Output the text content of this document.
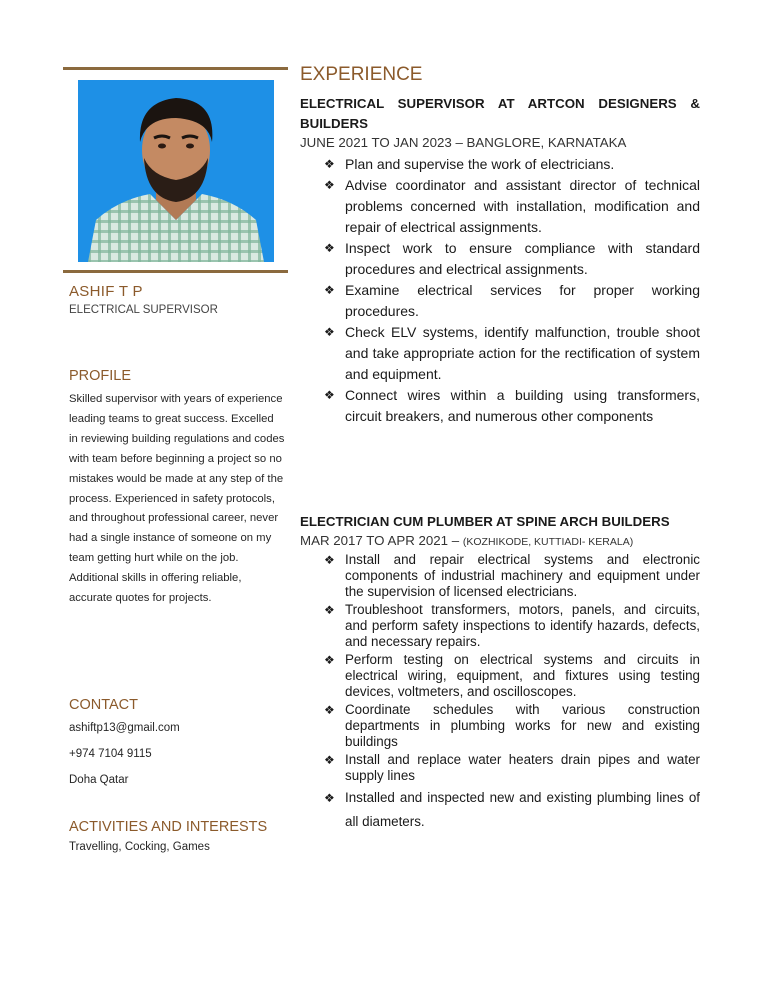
ASHIF T P
ELECTRICAL SUPERVISOR
PROFILE
Skilled supervisor with years of experience leading teams to great success. Excelled in reviewing building regulations and codes with team before beginning a project so no mistakes would be made at any step of the process. Experienced in safety protocols, and throughout professional career, never had a single instance of someone on my team getting hurt while on the job. Additional skills in offering reliable, accurate quotes for projects.
CONTACT
ashiftp13@gmail.com
+974 7104 9115
Doha Qatar
ACTIVITIES AND INTERESTS
Travelling, Cocking, Games
EXPERIENCE
ELECTRICAL SUPERVISOR AT ARTCON DESIGNERS & BUILDERS
JUNE 2021 TO JAN 2023 – BANGLORE, KARNATAKA
❖ Plan and supervise the work of electricians.
❖ Advise coordinator and assistant director of technical problems concerned with installation, modification and repair of electrical assignments.
❖ Inspect work to ensure compliance with standard procedures and electrical assignments.
❖ Examine electrical services for proper working procedures.
❖ Check ELV systems, identify malfunction, trouble shoot and take appropriate action for the rectification of system and equipment.
❖ Connect wires within a building using transformers, circuit breakers, and numerous other components
ELECTRICIAN CUM PLUMBER AT SPINE ARCH BUILDERS
MAR 2017 TO APR 2021 – (KOZHIKODE, KUTTIADI- KERALA)
❖ Install and repair electrical systems and electronic components of industrial machinery and equipment under the supervision of licensed electricians.
❖ Troubleshoot transformers, motors, panels, and circuits, and perform safety inspections to identify hazards, defects, and necessary repairs.
❖ Perform testing on electrical systems and circuits in electrical wiring, equipment, and fixtures using testing devices, voltmeters, and oscilloscopes.
❖ Coordinate schedules with various construction departments in plumbing works for new and existing buildings
❖ Install and replace water heaters drain pipes and water supply lines
❖ Installed and inspected new and existing plumbing lines of all diameters.
